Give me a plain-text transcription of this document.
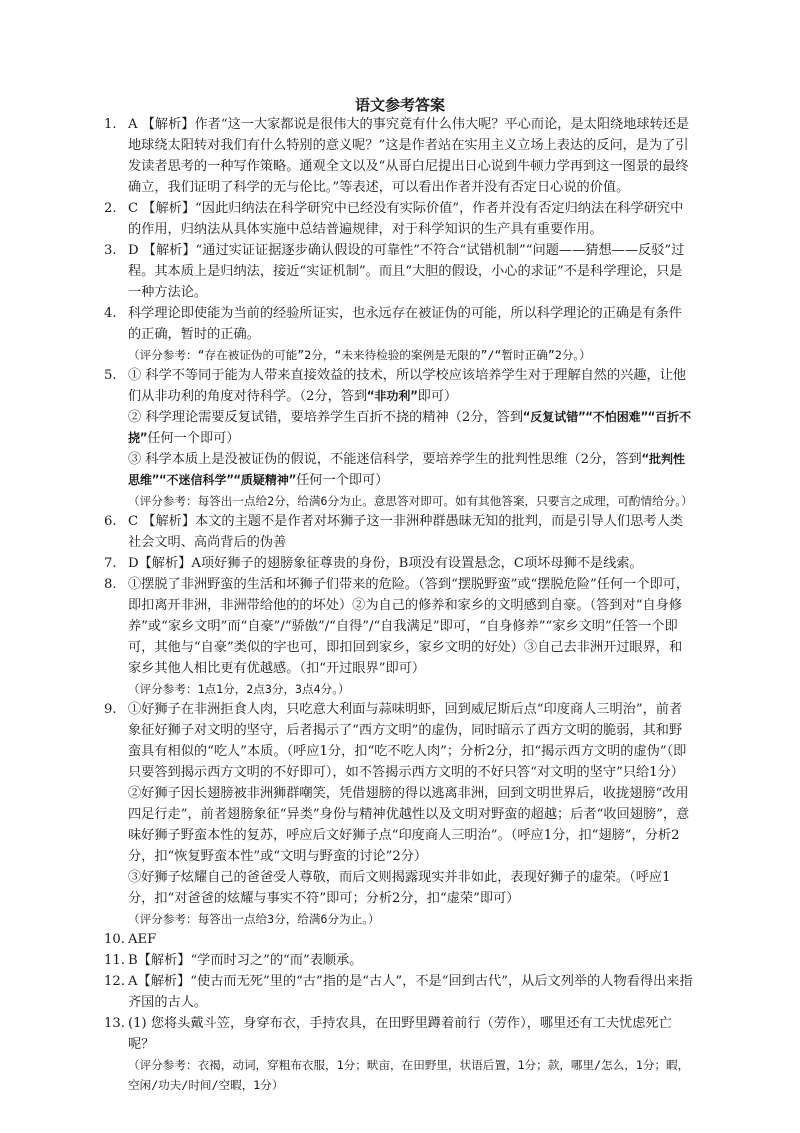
语文参考答案
1. A 【解析】作者“这一大家都说是很伟大的事究竟有什么伟大呢？平心而论，是太阳绕地球转还是地球绕太阳转对我们有什么特别的意义呢？”这是作者站在实用主义立场上表达的反问，是为了引发读者思考的一种写作策略。通观全文以及“从哥白尼提出日心说到牛顿力学再到这一图景的最终确立，我们证明了科学的无与伦比。”等表述，可以看出作者并没有否定日心说的价值。
2. C 【解析】“因此归纳法在科学研究中已经没有实际价值”，作者并没有否定归纳法在科学研究中的作用，归纳法从具体实施中总结普遍规律，对于科学知识的生产具有重要作用。
3. D 【解析】“通过实证证据逐步确认假设的可靠性”不符合“试错机制”“问题——猜想——反驳”过程。其本质上是归纳法，接近“实证机制”。而且“大胆的假设，小心的求证”不是科学理论，只是一种方法论。
4. 科学理论即使能为当前的经验所证实，也永远存在被证伪的可能，所以科学理论的正确是有条件的正确，暂时的正确。
（评分参考：“存在被证伪的可能”2分，“未来待检验的案例是无限的”/“暂时正确”2分。）
5. ① 科学不等同于能为人带来直接效益的技术，所以学校应该培养学生对于理解自然的兴趣，让他们从非功利的角度对待科学。（2分，答到“非功利”即可）
② 科学理论需要反复试错，要培养学生百折不挠的精神（2分，答到“反复试错”“不怕困难”“百折不挠”任何一个即可）
③ 科学本质上是没被证伪的假说，不能迷信科学，要培养学生的批判性思维（2分，答到“批判性思维”“不迷信科学”“质疑精神”任何一个即可）
（评分参考：每答出一点给2分，给满6分为止。意思答对即可。如有其他答案，只要言之成理，可酌情给分。）
6. C 【解析】本文的主题不是作者对坏狮子这一非洲种群愚昧无知的批判，而是引导人们思考人类社会文明、高尚背后的伪善
7. D【解析】A项好狮子的翅膀象征尊贵的身份，B项没有设置悬念，C项坏母狮不是线索。
8. ①摆脱了非洲野蛮的生活和坏狮子们带来的危险。（答到“摆脱野蛮”或“摆脱危险”任何一个即可，即扣离开非洲，非洲带给他的的坏处）②为自己的修养和家乡的文明感到自豪。（答到对“自身修养”或“家乡文明”而“自豪”/“骄傲”/“自得”/“自我满足”即可，“自身修养”“家乡文明”任答一个即可，其他与“自豪”类似的字也可，即扣回到家乡，家乡文明的好处）③自己去非洲开过眼界，和家乡其他人相比更有优越感。（扣“开过眼界”即可）
（评分参考：1点1分，2点3分，3点4分。）
9. ①好狮子在非洲拒食人肉，只吃意大利面与蒜味明虾，回到威尼斯后点“印度商人三明治”，前者象征好狮子对文明的坚守，后者揭示了“西方文明”的虚伪，同时暗示了西方文明的脆弱，其和野蛮具有相似的“吃人”本质。（呼应1分，扣“吃不吃人肉”；分析2分，扣“揭示西方文明的虚伪”（即只要答到揭示西方文明的不好即可），如不答揭示西方文明的不好只答“对文明的坚守”只给1分）
②好狮子因长翅膀被非洲狮群嘲笑，凭借翅膀的得以逃离非洲，回到文明世界后，收拢翅膀“改用四足行走”，前者翅膀象征“异类”身份与精神优越性以及文明对野蛮的超越；后者“收回翅膀”，意味好狮子野蛮本性的复苏，呼应后文好狮子点“印度商人三明治”。（呼应1分，扣“翅膀”，分析2分，扣“恢复野蛮本性”或“文明与野蛮的讨论”2分）
③好狮子炫耀自己的爸爸受人尊敬，而后文则揭露现实并非如此，表现好狮子的虚荣。（呼应1分，扣“对爸爸的炫耀与事实不符”即可；分析2分，扣“虚荣”即可）
（评分参考：每答出一点给3分，给满6分为止。）
10. AEF
11. B【解析】“学而时习之”的“而”表顺承。
12. A【解析】“使古而无死”里的“古”指的是“古人”，不是“回到古代”，从后文列举的人物看得出来指齐国的古人。
13. (1) 您将头戴斗笠，身穿布衣，手持农具，在田野里蹲着前行（劳作），哪里还有工夫忧虑死亡呢？
（评分参考：衣褐，动词，穿粗布衣服，1分；畎亩，在田野里，状语后置，1分；款，哪里/怎么，1分；暇，空闲/功夫/时间/空暇，1分）
